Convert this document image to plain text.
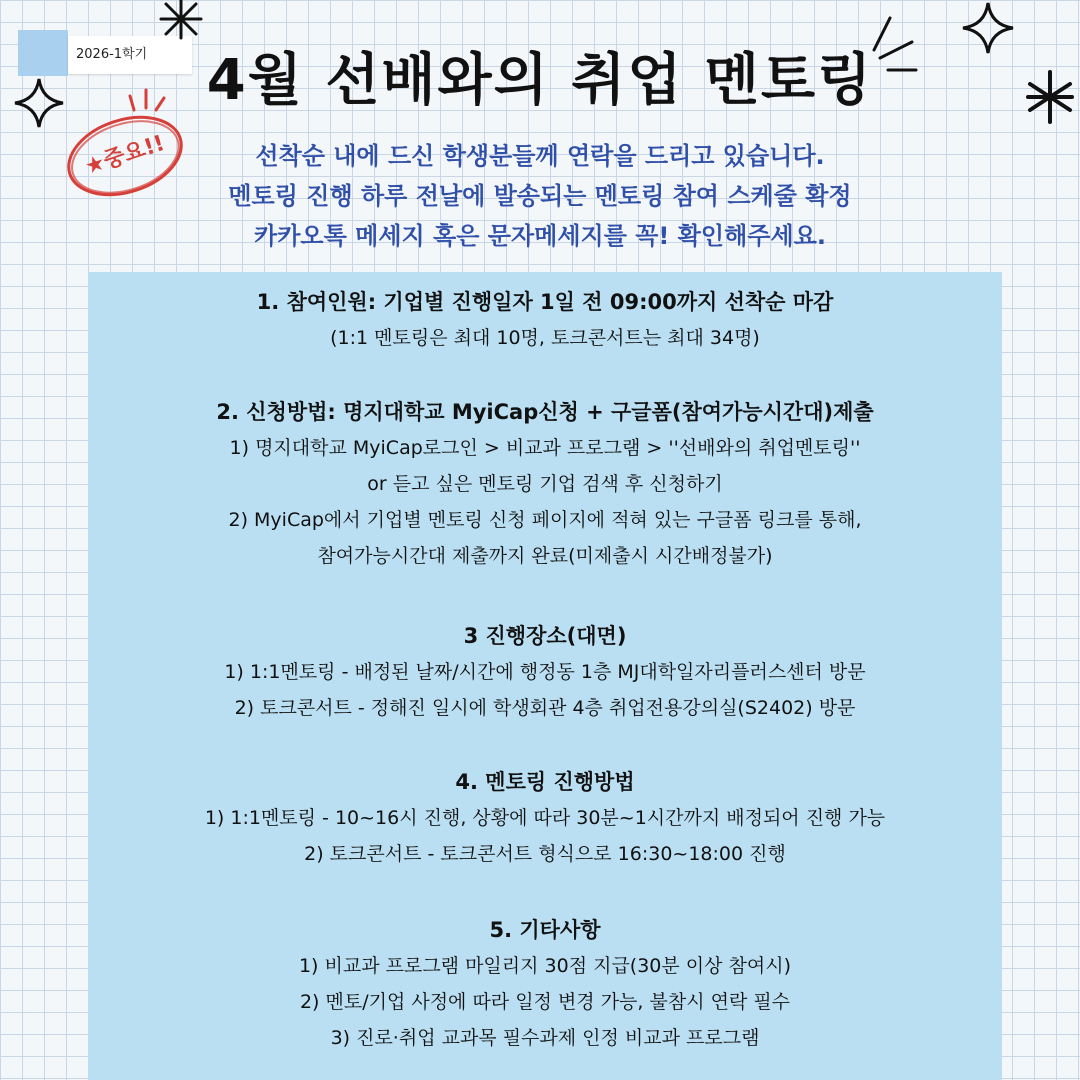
2026-1학기
★중요!!
4월 선배와의 취업 멘토링
선착순 내에 드신 학생분들께 연락을 드리고 있습니다.
멘토링 진행 하루 전날에 발송되는 멘토링 참여 스케줄 확정
카카오톡 메세지 혹은 문자메세지를 꼭! 확인해주세요.
1. 참여인원: 기업별 진행일자 1일 전 09:00까지 선착순 마감
(1:1 멘토링은 최대 10명, 토크콘서트는 최대 34명)
2. 신청방법: 명지대학교 MyiCap신청 + 구글폼(참여가능시간대)제출
1) 명지대학교 MyiCap로그인 > 비교과 프로그램 > ''선배와의 취업멘토링''
or 듣고 싶은 멘토링 기업 검색 후 신청하기
2) MyiCap에서 기업별 멘토링 신청 페이지에 적혀 있는 구글폼 링크를 통해,
참여가능시간대 제출까지 완료(미제출시 시간배정불가)
3 진행장소(대면)
1) 1:1멘토링 - 배정된 날짜/시간에 행정동 1층 MJ대학일자리플러스센터 방문
2) 토크콘서트 - 정해진 일시에 학생회관 4층 취업전용강의실(S2402) 방문
4. 멘토링 진행방법
1) 1:1멘토링 - 10~16시 진행, 상황에 따라 30분~1시간까지 배정되어 진행 가능
2) 토크콘서트 - 토크콘서트 형식으로 16:30~18:00 진행
5. 기타사항
1) 비교과 프로그램 마일리지 30점 지급(30분 이상 참여시)
2) 멘토/기업 사정에 따라 일정 변경 가능, 불참시 연락 필수
3) 진로·취업 교과목 필수과제 인정 비교과 프로그램
